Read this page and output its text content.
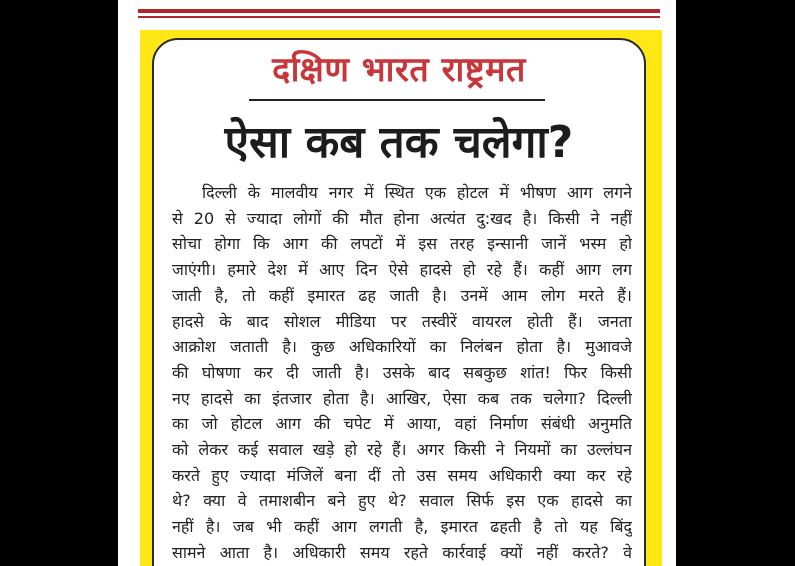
दक्षिण भारत राष्ट्रमत
ऐसा कब तक चलेगा?
दिल्ली के मालवीय नगर में स्थित एक होटल में भीषण आग लगने
से 20 से ज्यादा लोगों की मौत होना अत्यंत दु:खद है। किसी ने नहीं
सोचा होगा कि आग की लपटों में इस तरह इन्सानी जानें भस्म हो
जाएंगी। हमारे देश में आए दिन ऐसे हादसे हो रहे हैं। कहीं आग लग
जाती है, तो कहीं इमारत ढह जाती है। उनमें आम लोग मरते हैं।
हादसे के बाद सोशल मीडिया पर तस्वीरें वायरल होती हैं। जनता
आक्रोश जताती है। कुछ अधिकारियों का निलंबन होता है। मुआवजे
की घोषणा कर दी जाती है। उसके बाद सबकुछ शांत! फिर किसी
नए हादसे का इंतजार होता है। आखिर, ऐसा कब तक चलेगा? दिल्ली
का जो होटल आग की चपेट में आया, वहां निर्माण संबंधी अनुमति
को लेकर कई सवाल खड़े हो रहे हैं। अगर किसी ने नियमों का उल्लंघन
करते हुए ज्यादा मंजिलें बना दीं तो उस समय अधिकारी क्या कर रहे
थे? क्या वे तमाशबीन बने हुए थे? सवाल सिर्फ इस एक हादसे का
नहीं है। जब भी कहीं आग लगती है, इमारत ढहती है तो यह बिंदु
सामने आता है। अधिकारी समय रहते कार्रवाई क्यों नहीं करते? वे
